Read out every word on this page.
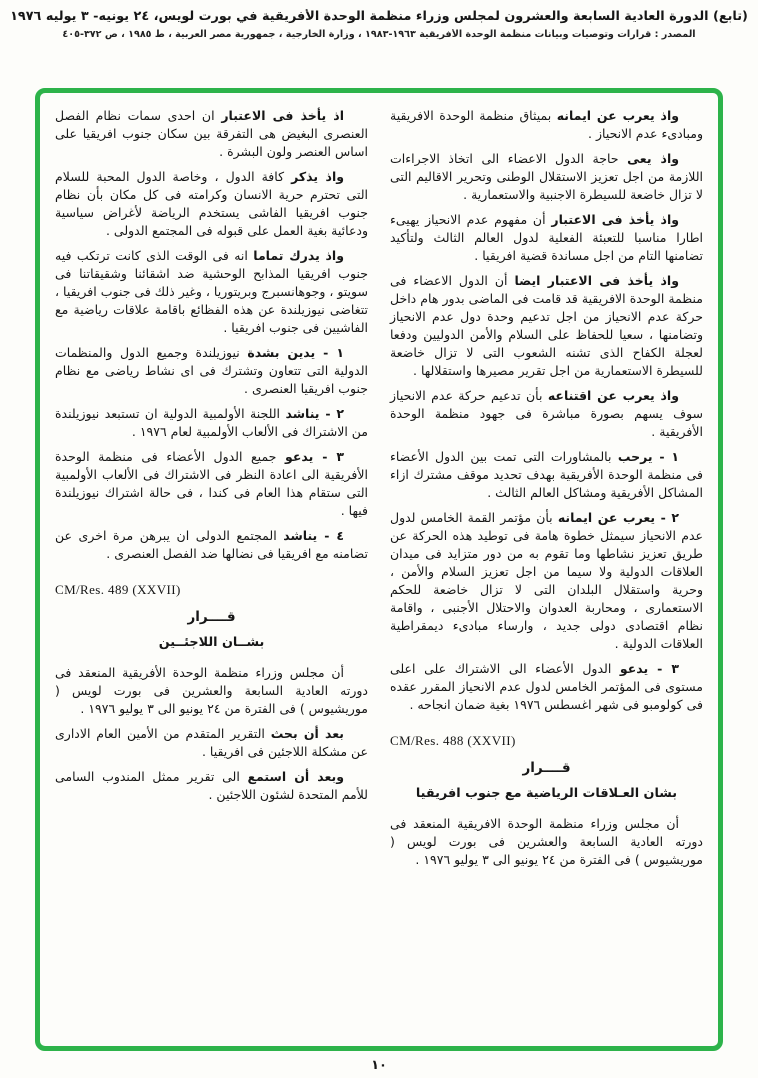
(تابع) الدورة العادية السابعة والعشرون لمجلس وزراء منظمة الوحدة الأفريقية في بورت لويس، ٢٤ يونيه- ٣ يوليه ١٩٧٦
المصدر : قرارات وتوصيات وبيانات منظمة الوحدة الأفريقية ١٩٦٣-١٩٨٣ ، وزارة الخارجية ، جمهورية مصر العربية ، ط ١٩٨٥ ، ص ٣٧٢-٤٠٥
واذ يعرب عن ايمانه بميثاق منظمة الوحدة الافريقية ومبادىء عدم الانحياز .
واذ يعى حاجة الدول الاعضاء الى اتخاذ الاجراءات اللازمة من اجل تعزيز الاستقلال الوطنى وتحرير الاقاليم التى لا تزال خاضعة للسيطرة الاجنبية والاستعمارية .
واذ يأخذ فى الاعتبار أن مفهوم عدم الانحياز يهيىء اطارا مناسبا للتعبئة الفعلية لدول العالم الثالث ولتأكيد تضامنها التام من اجل مساندة قضية افريقيا .
واذ يأخذ فى الاعتبار ايضا أن الدول الاعضاء فى منظمة الوحدة الافريقية قد قامت فى الماضى بدور هام داخل حركة عدم الانحياز من اجل تدعيم وحدة دول عدم الانحياز وتضامنها ، سعيا للحفاظ على السلام والأمن الدوليين ودفعا لعجلة الكفاح الذى تشنه الشعوب التى لا تزال خاضعة للسيطرة الاستعمارية من اجل تقرير مصيرها واستقلالها .
واذ يعرب عن اقتناعه بأن تدعيم حركة عدم الانحياز سوف يسهم بصورة مباشرة فى جهود منظمة الوحدة الأفريقية .
١ - يرحب بالمشاورات التى تمت بين الدول الأعضاء فى منظمة الوحدة الأفريقية بهدف تحديد موقف مشترك ازاء المشاكل الأفريقية ومشاكل العالم الثالث .
٢ - يعرب عن ايمانه بأن مؤتمر القمة الخامس لدول عدم الانحياز سيمثل خطوة هامة فى توطيد هذه الحركة عن طريق تعزيز نشاطها وما تقوم به من دور متزايد فى ميدان العلاقات الدولية ولا سيما من اجل تعزيز السلام والأمن ، وحرية واستقلال البلدان التى لا تزال خاضعة للحكم الاستعمارى ، ومحاربة العدوان والاحتلال الأجنبى ، واقامة نظام اقتصادى دولى جديد ، وارساء مبادىء ديمقراطية العلاقات الدولية .
٣ - يدعو الدول الأعضاء الى الاشتراك على اعلى مستوى فى المؤتمر الخامس لدول عدم الانحياز المقرر عقده فى كولومبو فى شهر اغسطس ١٩٧٦ بغية ضمان انجاحه .
CM/Res. 488 (XXVII)
قــــرار
بشان العـلاقات الرياضية مع جنوب افريقيا
أن مجلس وزراء منظمة الوحدة الافريقية المنعقد فى دورته العادية السابعة والعشرين فى بورت لويس ( موريشيوس ) فى الفترة من ٢٤ يونيو الى ٣ يوليو ١٩٧٦ .
اذ يأخذ فى الاعتبار ان احدى سمات نظام الفصل العنصرى البغيض هى التفرقة بين سكان جنوب افريقيا على اساس العنصر ولون البشرة .
واذ يذكر كافة الدول ، وخاصة الدول المحبة للسلام التى تحترم حرية الانسان وكرامته فى كل مكان بأن نظام جنوب افريقيا الفاشى يستخدم الرياضة لأغراض سياسية ودعائية بغية العمل على قبوله فى المجتمع الدولى .
واذ يدرك تماما انه فى الوقت الذى كانت ترتكب فيه جنوب افريقيا المذابح الوحشية ضد اشقائنا وشقيقاتنا فى سويتو ، وجوهانسبرج وبريتوريا ، وغير ذلك فى جنوب افريقيا ، تتغاضى نيوزيلندة عن هذه الفظائع باقامة علاقات رياضية مع الفاشيين فى جنوب افريقيا .
١ - يدين بشدة نيوزيلندة وجميع الدول والمنظمات الدولية التى تتعاون وتشترك فى اى نشاط رياضى مع نظام جنوب افريقيا العنصرى .
٢ - يناشد اللجنة الأولمبية الدولية ان تستبعد نيوزيلندة من الاشتراك فى الألعاب الأولمبية لعام ١٩٧٦ .
٣ - يدعو جميع الدول الأعضاء فى منظمة الوحدة الأفريقية الى اعادة النظر فى الاشتراك فى الألعاب الأولمبية التى ستقام هذا العام فى كندا ، فى حالة اشتراك نيوزيلندة فيها .
٤ - يناشد المجتمع الدولى ان يبرهن مرة اخرى عن تضامنه مع افريقيا فى نضالها ضد الفصل العنصرى .
CM/Res. 489 (XXVII)
قــــرار
بشــان اللاجئــين
أن مجلس وزراء منظمة الوحدة الأفريقية المنعقد فى دورته العادية السابعة والعشرين فى بورت لويس ( موريشيوس ) فى الفترة من ٢٤ يونيو الى ٣ يوليو ١٩٧٦ .
بعد أن بحث التقرير المتقدم من الأمين العام الادارى عن مشكلة اللاجئين فى افريقيا .
وبعد أن استمع الى تقرير ممثل المندوب السامى للأمم المتحدة لشئون اللاجئين .
١٠
